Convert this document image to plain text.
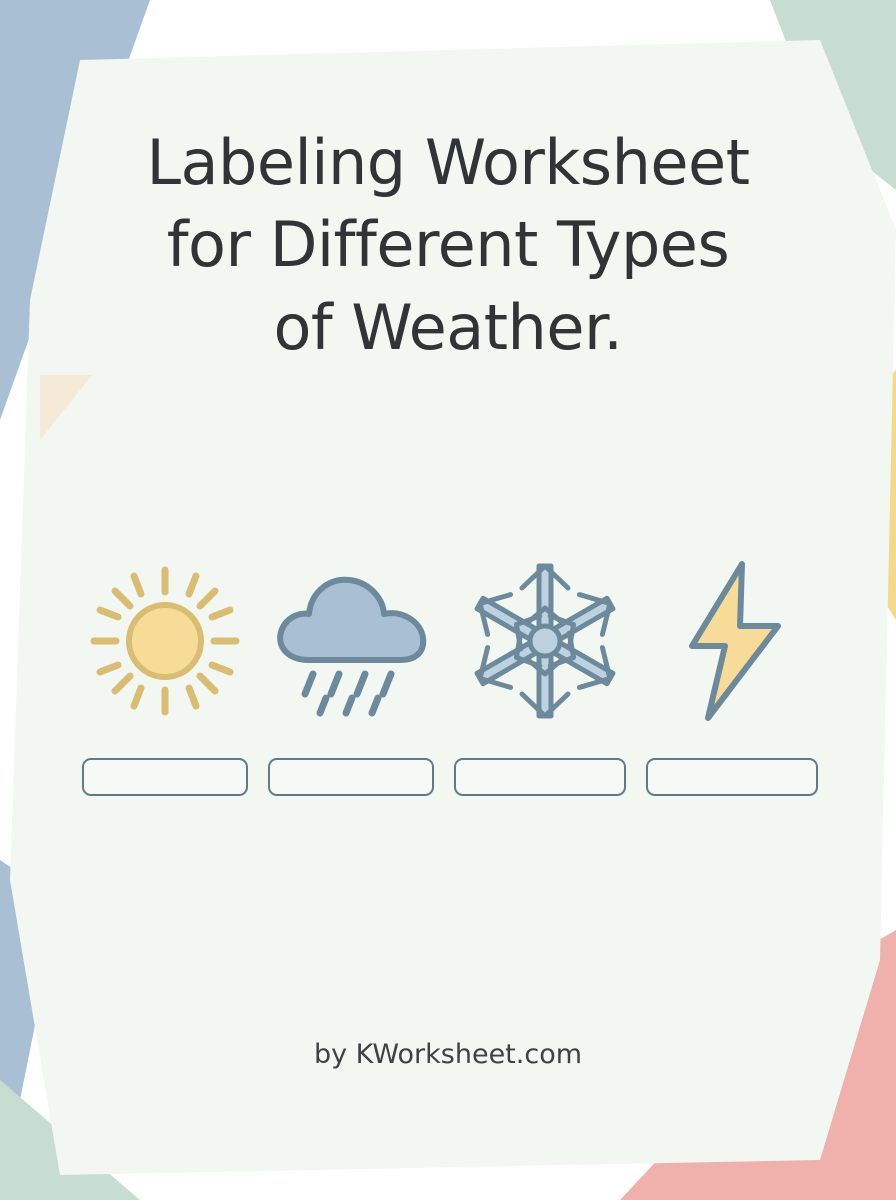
Labeling Worksheet
for Different Types
of Weather.
by KWorksheet.com
